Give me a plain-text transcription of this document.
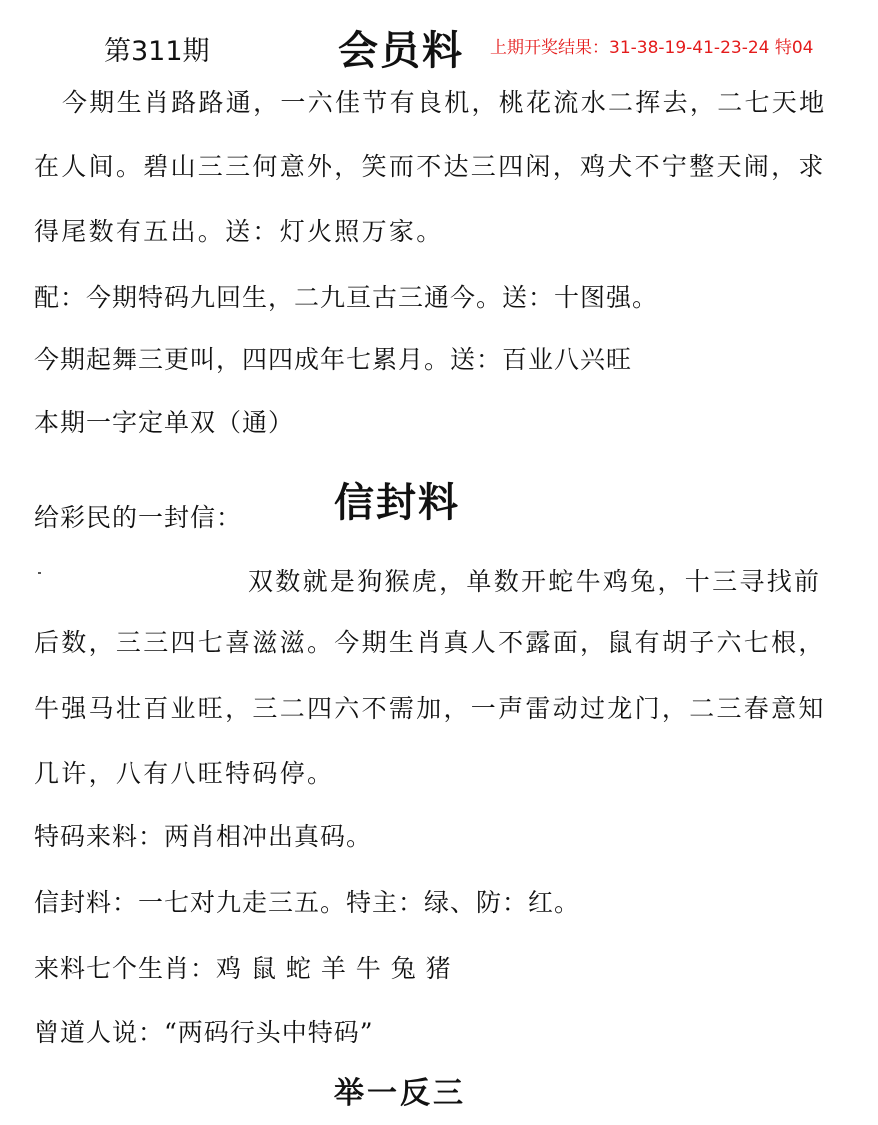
第311期	会员料 上期开奖结果：31-38-19-41-23-24 特04
今期生肖路路通，一六佳节有良机，桃花流水二挥去，二七天地
在人间。碧山三三何意外，笑而不达三四闲，鸡犬不宁整天闹，求
得尾数有五出。送：灯火照万家。
配：今期特码九回生，二九亘古三通今。送：十图强。
今期起舞三更叫，四四成年七累月。送：百业八兴旺
本期一字定单双（通）
给彩民的一封信： 信封料
双数就是狗猴虎，单数开蛇牛鸡兔，十三寻找前
后数，三三四七喜滋滋。今期生肖真人不露面，鼠有胡子六七根，
牛强马壮百业旺，三二四六不需加，一声雷动过龙门，二三春意知
几许，八有八旺特码停。
特码来料：两肖相冲出真码。
信封料：一七对九走三五。特主：绿、防：红。
来料七个生肖：鸡 鼠 蛇 羊 牛 兔 猪
曾道人说：“两码行头中特码”
举一反三
